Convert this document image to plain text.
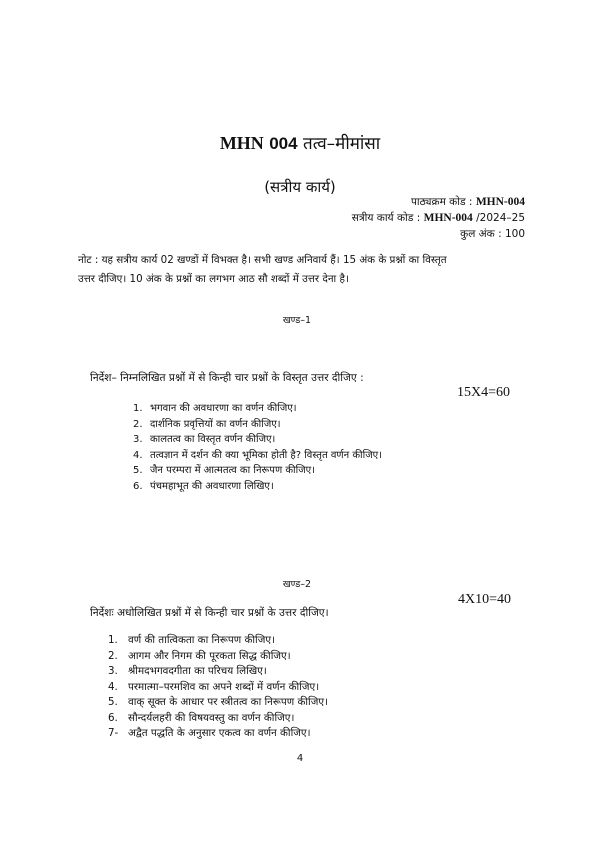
MHN 004 तत्व–मीमांसा
(सत्रीय कार्य)
पाठ्यक्रम कोड : MHN-004
सत्रीय कार्य कोड : MHN-004 /2024–25
कुल अंक : 100
नोट : यह सत्रीय कार्य 02 खण्डों में विभक्त है। सभी खण्ड अनिवार्य हैं। 15 अंक के प्रश्नों का विस्तृत
उत्तर दीजिए। 10 अंक के प्रश्नों का लगभग आठ सौ शब्दों में उत्तर देना है।
खण्ड–1
निर्देश– निम्नलिखित प्रश्नों में से किन्ही चार प्रश्नों के विस्तृत उत्तर दीजिए :
15X4=60
1. भगवान की अवधारणा का वर्णन कीजिए।
2. दार्शनिक प्रवृत्तियों का वर्णन कीजिए।
3. कालतत्व का विस्तृत वर्णन कीजिए।
4. तत्वज्ञान में दर्शन की क्या भूमिका होती है? विस्तृत वर्णन कीजिए।
5. जैन परम्परा में आत्मतत्व का निरूपण कीजिए।
6. पंचमहाभूत की अवधारणा लिखिए।
खण्ड–2
4X10=40
निर्देशः अधोलिखित प्रश्नों में से किन्ही चार प्रश्नों के उत्तर दीजिए।
1. वर्ण की तात्विकता का निरूपण कीजिए।
2. आगम और निगम की पूरकता सिद्ध कीजिए।
3. श्रीमदभगवदगीता का परिचय लिखिए।
4. परमात्मा–परमशिव का अपने शब्दों में वर्णन कीजिए।
5. वाक् सूक्त के आधार पर स्त्रीतत्व का निरूपण कीजिए।
6. सौन्दर्यलहरी की विषयवस्तु का वर्णन कीजिए।
7- अद्वैत पद्धति के अनुसार एकत्व का वर्णन कीजिए।
4
